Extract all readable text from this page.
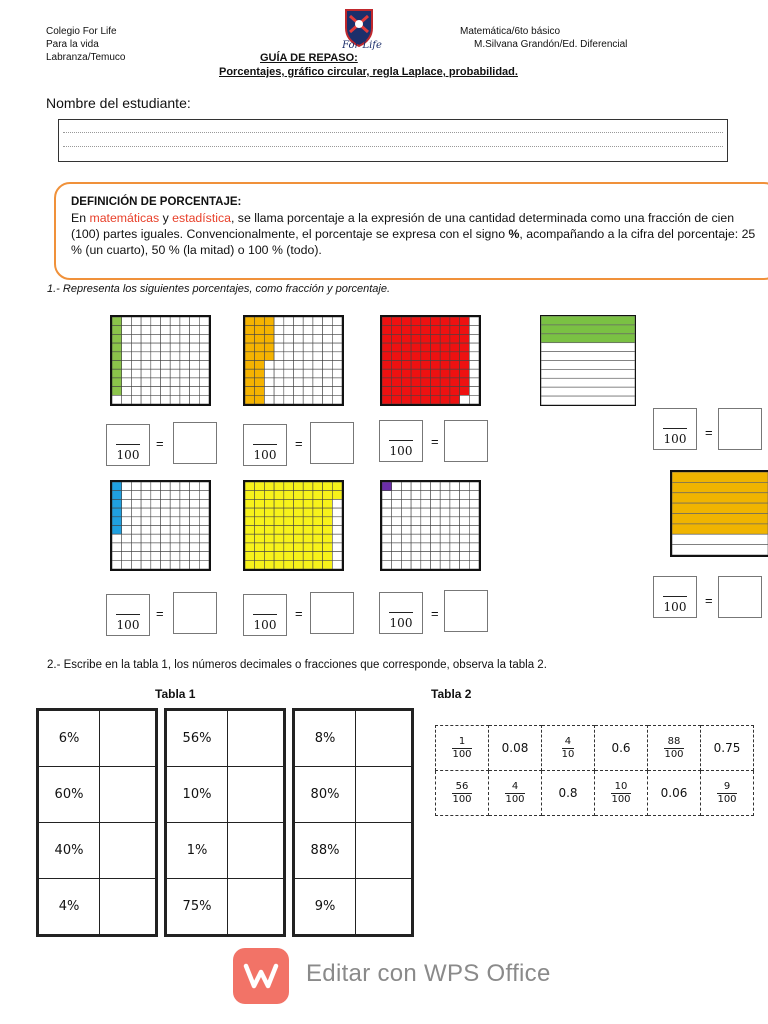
Colegio For Life
Para la vida
Labranza/Temuco
For Life
Matemática/6to básico
M.Silvana Grandón/Ed. Diferencial
GUÍA DE REPASO:
Porcentajes, gráfico circular, regla Laplace, probabilidad.
Nombre del estudiante:
DEFINICIÓN DE PORCENTAJE:
En matemáticas y estadística, se llama porcentaje a la expresión de una cantidad determinada como una fracción de cien (100) partes iguales. Convencionalmente, el porcentaje se expresa con el signo %, acompañando a la cifra del porcentaje: 25 % (un cuarto), 50 % (la mitad) o 100 % (todo).
1.- Representa los siguientes porcentajes, como fracción y porcentaje.
100
=
100
=	100
=	100	=
100
=
100
=
100
=	100	=
2.- Escribe en la tabla 1, los números decimales o fracciones que corresponde, observa la tabla 2.
Tabla 1	Tabla 2
6%	
60%	
40%	
4%	
56%	
10%	
1%	
75%	
8%	
80%	
88%	
9%	
$\frac{1}{100}$	0.08	$\frac{4}{10}$	0.6	$\frac{88}{100}$	0.75

$\frac{56}{100}$	$\frac{4}{100}$	0.8	$\frac{10}{100}$	0.06	$\frac{9}{100}$
Editar con WPS Office
